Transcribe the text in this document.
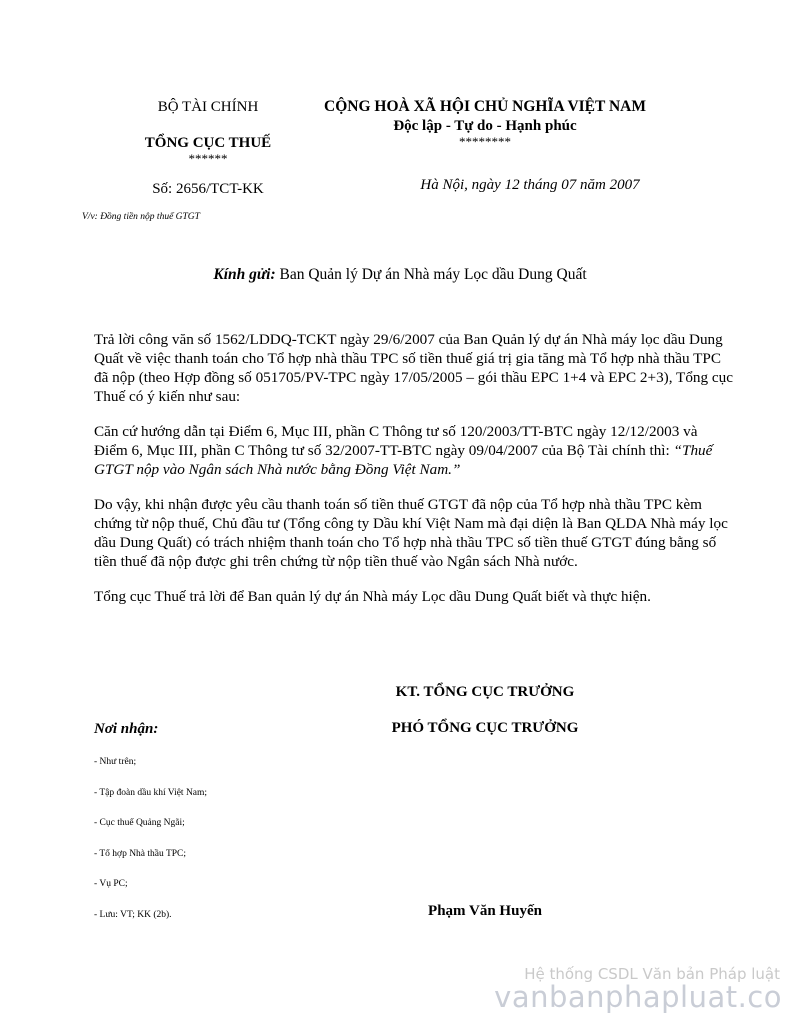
BỘ TÀI CHÍNH
TỔNG CỤC THUẾ
******
Số: 2656/TCT-KK
CỘNG HOÀ XÃ HỘI CHỦ NGHĨA VIỆT NAM
Độc lập - Tự do - Hạnh phúc
********
Hà Nội, ngày 12 tháng 07 năm 2007
V/v: Đồng tiền nộp thuế GTGT
Kính gửi: Ban Quản lý Dự án Nhà máy Lọc dầu Dung Quất

Trả lời công văn số 1562/LDDQ-TCKT ngày 29/6/2007 của Ban Quản lý dự án Nhà máy lọc dầu Dung Quất về việc thanh toán cho Tổ hợp nhà thầu TPC số tiền thuế giá trị gia tăng mà Tổ hợp nhà thầu TPC đã nộp (theo Hợp đồng số 051705/PV-TPC ngày 17/05/2005 – gói thầu EPC 1+4 và EPC 2+3), Tổng cục Thuế có ý kiến như sau:

Căn cứ hướng dẫn tại Điểm 6, Mục III, phần C Thông tư số 120/2003/TT-BTC ngày 12/12/2003 và Điểm 6, Mục III, phần C Thông tư số 32/2007-TT-BTC ngày 09/04/2007 của Bộ Tài chính thì: “Thuế GTGT nộp vào Ngân sách Nhà nước bằng Đồng Việt Nam.”

Do vậy, khi nhận được yêu cầu thanh toán số tiền thuế GTGT đã nộp của Tổ hợp nhà thầu TPC kèm chứng từ nộp thuế, Chủ đầu tư (Tổng công ty Dầu khí Việt Nam mà đại diện là Ban QLDA Nhà máy lọc dầu Dung Quất) có trách nhiệm thanh toán cho Tổ hợp nhà thầu TPC số tiền thuế GTGT đúng bằng số tiền thuế đã nộp được ghi trên chứng từ nộp tiền thuế vào Ngân sách Nhà nước.

Tổng cục Thuế trả lời để Ban quản lý dự án Nhà máy Lọc dầu Dung Quất biết và thực hiện.

KT. TỔNG CỤC TRƯỞNG
PHÓ TỔNG CỤC TRƯỞNG
Phạm Văn Huyến
Nơi nhận:
- Như trên;
- Tập đoàn dầu khí Việt Nam;
- Cục thuế Quảng Ngãi;
- Tổ hợp Nhà thầu TPC;
- Vụ PC;
- Lưu: VT; KK (2b).
Hệ thống CSDL Văn bản Pháp luật
vanbanphapluat.co
